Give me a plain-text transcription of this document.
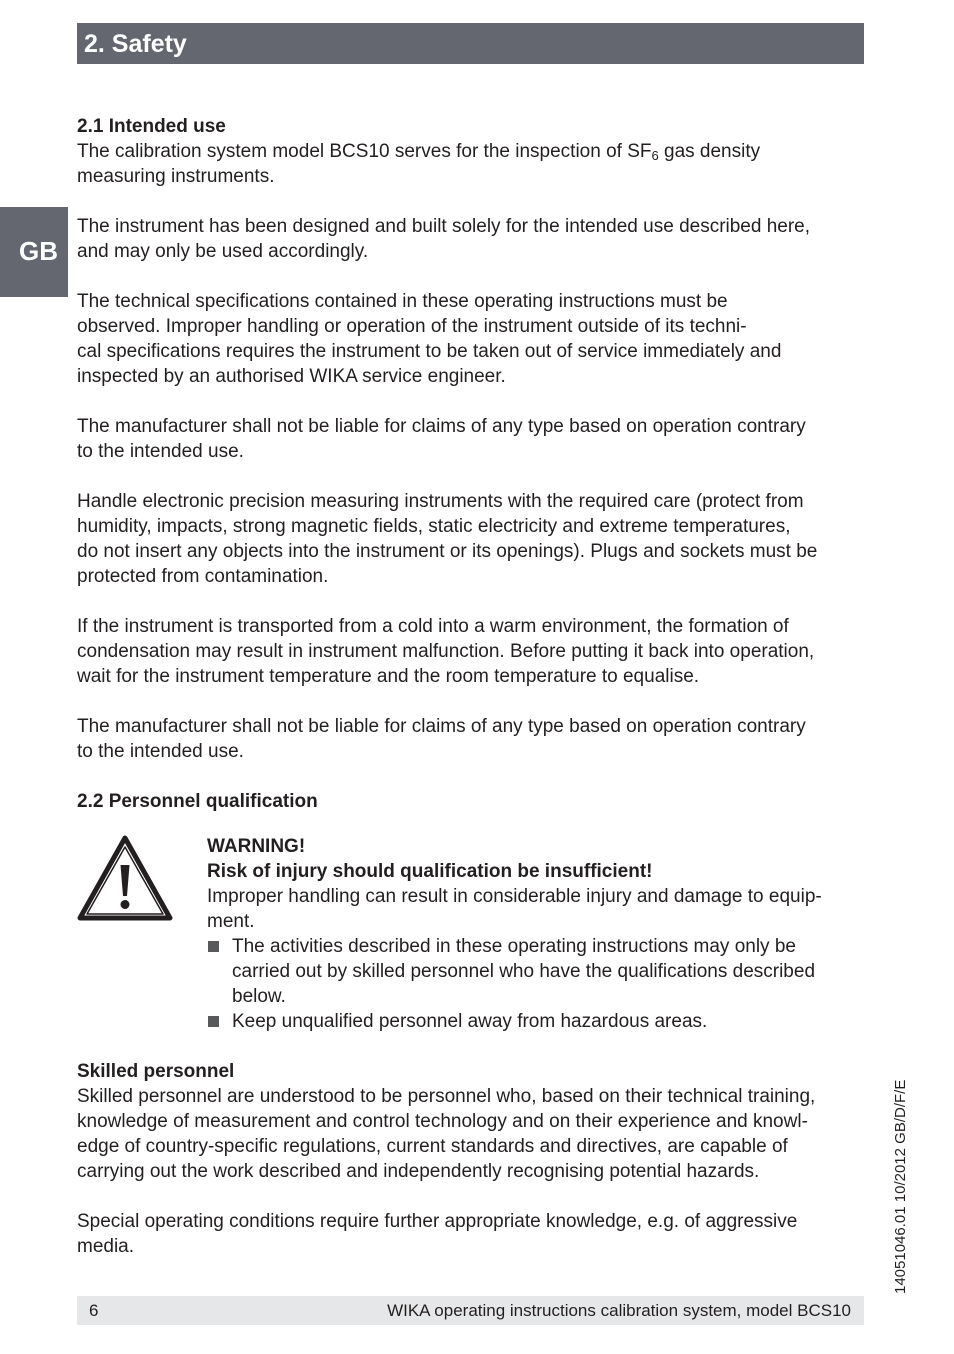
2. Safety
GB
2.1 Intended use

The calibration system model BCS10 serves for the inspection of $SF_6$ gas density
measuring instruments.

The instrument has been designed and built solely for the intended use described here,
and may only be used accordingly.

The technical specifications contained in these operating instructions must be
observed. Improper handling or operation of the instrument outside of its techni-
cal specifications requires the instrument to be taken out of service immediately and
inspected by an authorised WIKA service engineer.

The manufacturer shall not be liable for claims of any type based on operation contrary
to the intended use.

Handle electronic precision measuring instruments with the required care (protect from
humidity, impacts, strong magnetic fields, static electricity and extreme temperatures,
do not insert any objects into the instrument or its openings). Plugs and sockets must be
protected from contamination.

If the instrument is transported from a cold into a warm environment, the formation of
condensation may result in instrument malfunction. Before putting it back into operation,
wait for the instrument temperature and the room temperature to equalise.

The manufacturer shall not be liable for claims of any type based on operation contrary
to the intended use.

2.2 Personnel qualification
WARNING!
Risk of injury should qualification be insufficient!
Improper handling can result in considerable injury and damage to equip-
ment.
The activities described in these operating instructions may only be
carried out by skilled personnel who have the qualifications described
below.
Keep unqualified personnel away from hazardous areas.
Skilled personnel

Skilled personnel are understood to be personnel who, based on their technical training,
knowledge of measurement and control technology and on their experience and knowl-
edge of country-specific regulations, current standards and directives, are capable of
carrying out the work described and independently recognising potential hazards.

Special operating conditions require further appropriate knowledge, e.g. of aggressive
media.	14051046.01 10/2012 GB/D/F/E
6	WIKA operating instructions calibration system, model BCS10
